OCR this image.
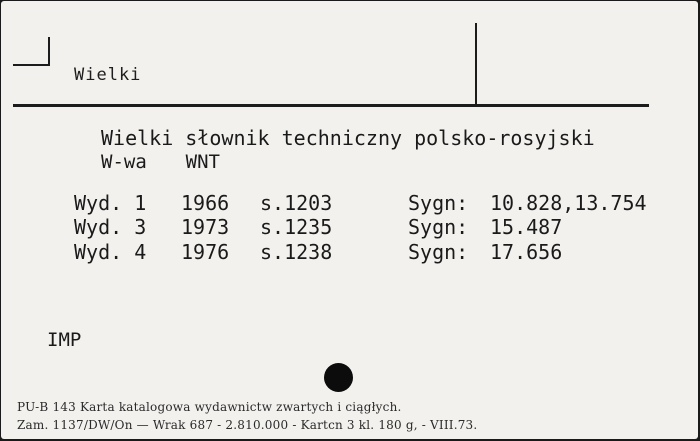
Wielki
Wielki słownik techniczny polsko-rosyjski
W-wa WNT
Wyd. 1 1966 s.1203	Sygn: 10.828,13.754
Wyd. 3 1973 s.1235	Sygn: 15.487
Wyd. 4 1976 s.1238	Sygn: 17.656
IMP
PU-B 143 Karta katalogowa wydawnictw zwartych i ciągłych.
Zam. 1137/DW/On — Wrak 687 - 2.810.000 - Kartcn 3 kl. 180 g, - VIII.73.
